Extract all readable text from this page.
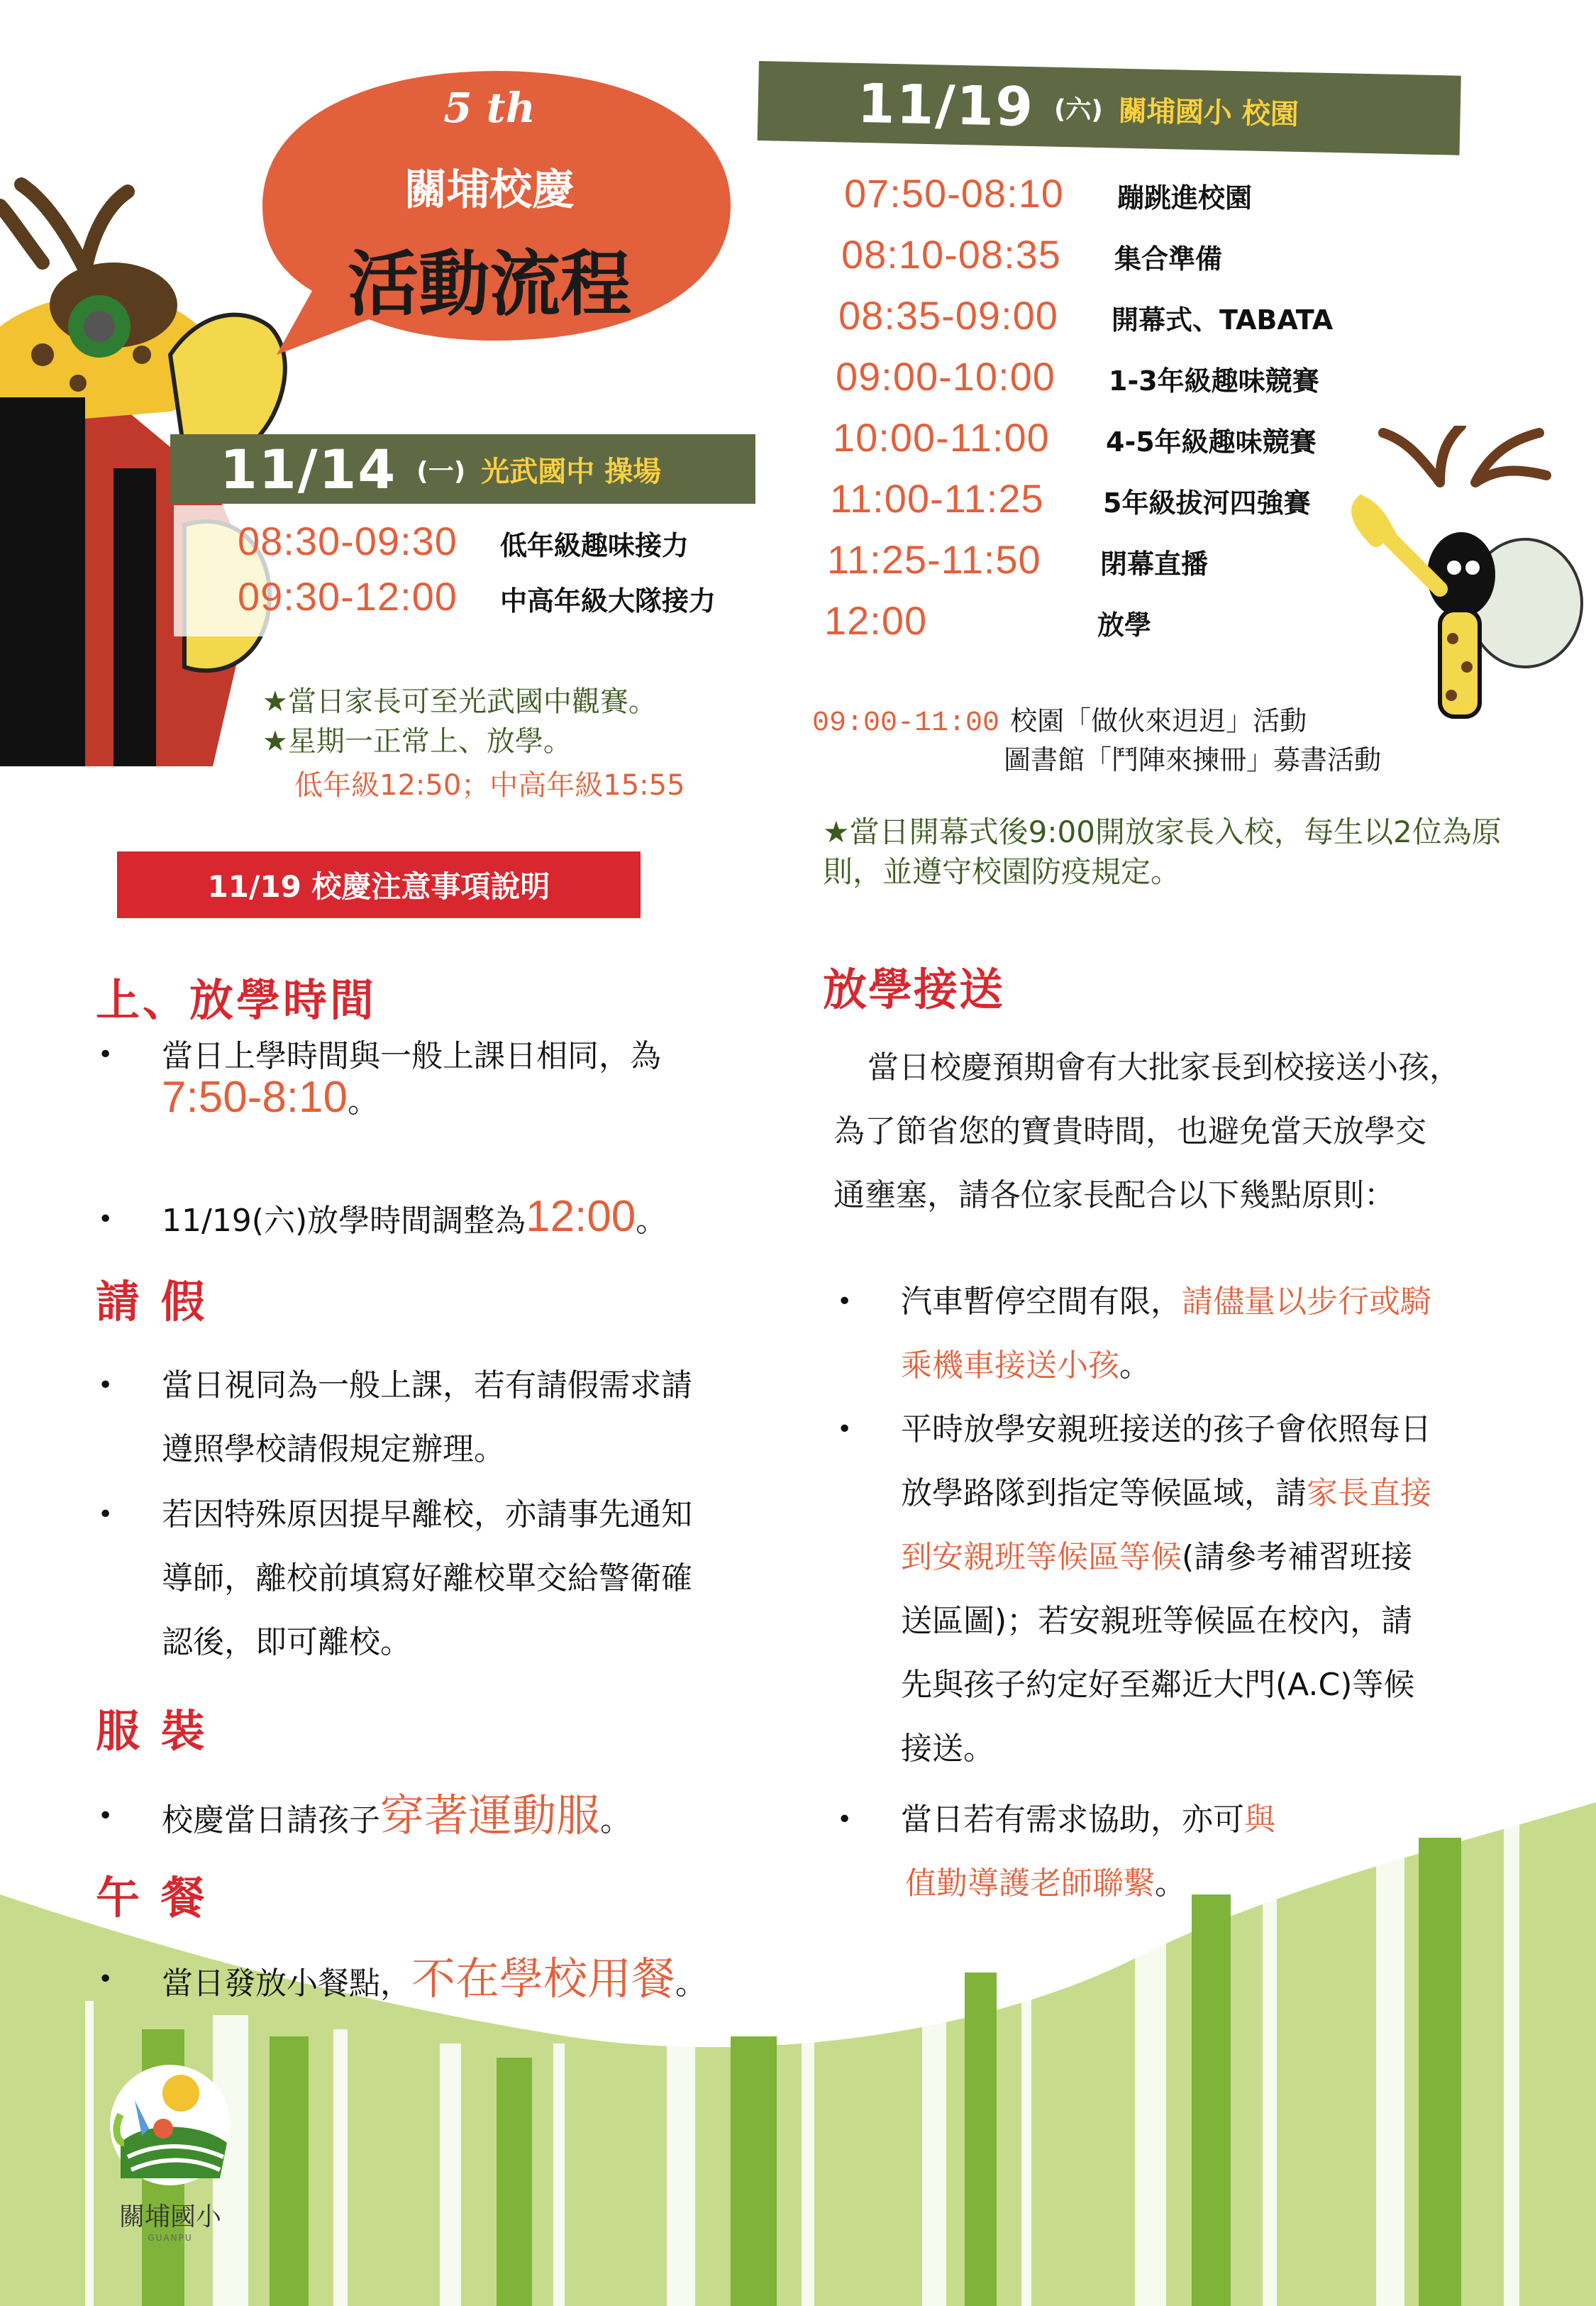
5 th
關埔校慶
活動流程
11/14 (一) 光武國中 操場
08:30-09:30	低年級趣味接力
09:30-12:00	中高年級大隊接力
★當日家長可至光武國中觀賽。
★星期一正常上、放學。
低年級12:50；中高年級15:55
11/19 (六) 關埔國小 校園
07:50-08:10	蹦跳進校園
08:10-08:35	集合準備
08:35-09:00	開幕式、TABATA
09:00-10:00	1-3年級趣味競賽
10:00-11:00	4-5年級趣味競賽
11:00-11:25	5年級拔河四強賽
11:25-11:50	閉幕直播
12:00	放學
09:00-11:00 校園「做伙來迌迌」活動
圖書館「鬥陣來揀冊」募書活動
★當日開幕式後9:00開放家長入校，每生以2位為原則，並遵守校園防疫規定。
11/19 校慶注意事項說明
上、放學時間
• 當日上學時間與一般上課日相同，為
7:50-8:10。
• 11/19(六)放學時間調整為12:00。
請 假
• 當日視同為一般上課，若有請假需求請
遵照學校請假規定辦理。
• 若因特殊原因提早離校，亦請事先通知
導師，離校前填寫好離校單交給警衛確
認後，即可離校。
服 裝
• 校慶當日請孩子穿著運動服。
午 餐
• 當日發放小餐點，不在學校用餐。
放學接送
當日校慶預期會有大批家長到校接送小孩，
為了節省您的寶貴時間，也避免當天放學交
通壅塞，請各位家長配合以下幾點原則：
• 汽車暫停空間有限，請儘量以步行或騎
乘機車接送小孩。
• 平時放學安親班接送的孩子會依照每日
放學路隊到指定等候區域，請家長直接
到安親班等候區等候(請參考補習班接
送區圖)；若安親班等候區在校內，請
先與孩子約定好至鄰近大門(A.C)等候
接送。
• 當日若有需求協助，亦可與
值勤導護老師聯繫。
關埔國小
GUANPU
